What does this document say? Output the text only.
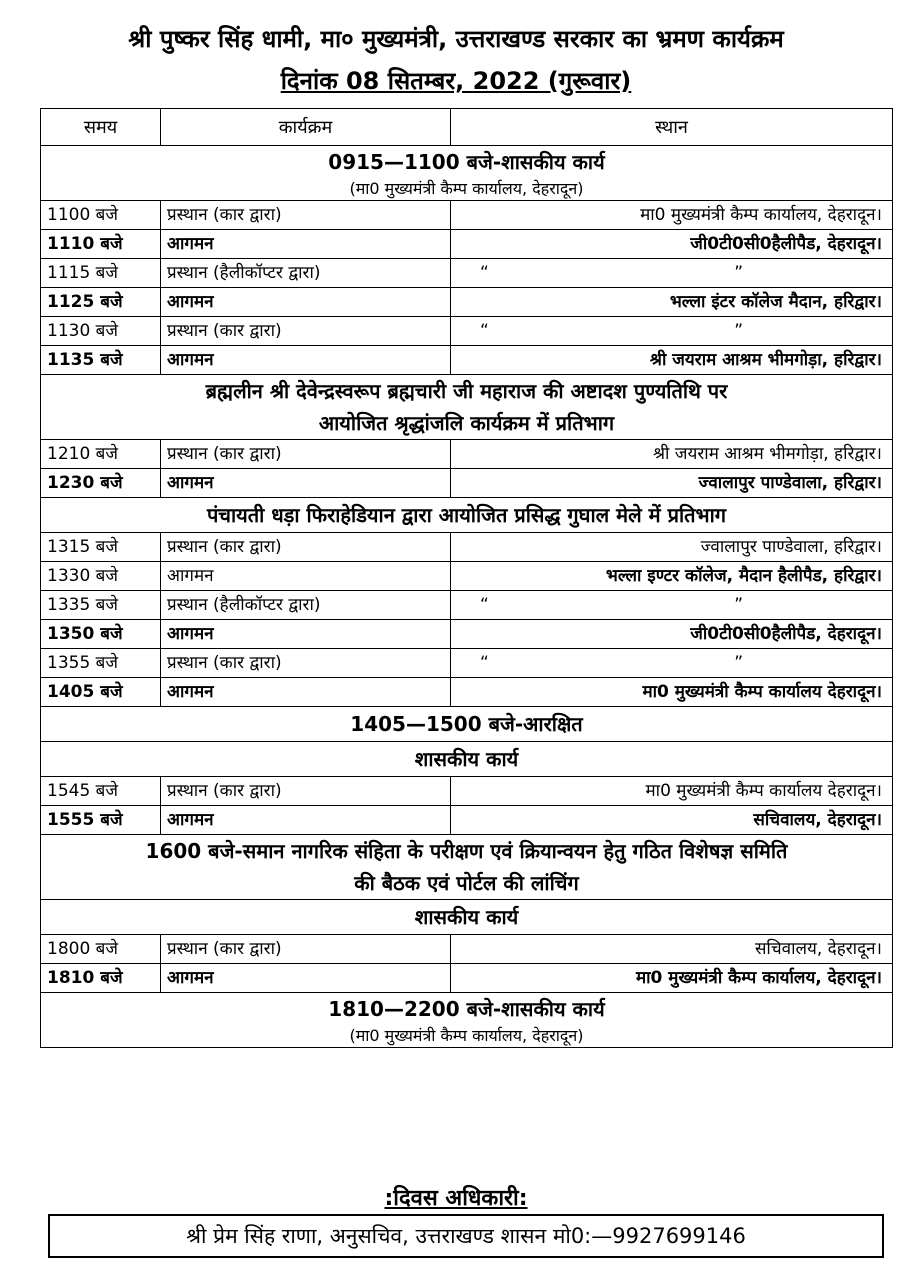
श्री पुष्कर सिंह धामी, मा० मुख्यमंत्री, उत्तराखण्ड सरकार का भ्रमण कार्यक्रम
दिनांक 08 सितम्बर, 2022 (गुरूवार)
समय	कार्यक्रम	स्थान
0915—1100 बजे-शासकीय कार्य
(मा0 मुख्यमंत्री कैम्प कार्यालय, देहरादून)		

1100 बजे	प्रस्थान (कार द्वारा)	मा0 मुख्यमंत्री कैम्प कार्यालय, देहरादून।
1110 बजे	आगमन	जी0टी0सी0हैलीपैड, देहरादून।
1115 बजे	प्रस्थान (हैलीकॉप्टर द्वारा)	“ ”
1125 बजे	आगमन	भल्ला इंटर कॉलेज मैदान, हरिद्वार।
1130 बजे	प्रस्थान (कार द्वारा)	“ ”
1135 बजे	आगमन	श्री जयराम आश्रम भीमगोड़ा, हरिद्वार।
ब्रह्मलीन श्री देवेन्द्रस्वरूप ब्रह्मचारी जी महाराज की अष्टादश पुण्यतिथि पर
आयोजित श्रृद्धांजलि कार्यक्रम में प्रतिभाग		

1210 बजे	प्रस्थान (कार द्वारा)	श्री जयराम आश्रम भीमगोड़ा, हरिद्वार।
1230 बजे	आगमन	ज्वालापुर पाण्डेवाला, हरिद्वार।
पंचायती धड़ा फिराहेडियान द्वारा आयोजित प्रसिद्ध गुघाल मेले में प्रतिभाग		
1315 बजे	प्रस्थान (कार द्वारा)	ज्वालापुर पाण्डेवाला, हरिद्वार।
1330 बजे	आगमन	भल्ला इण्टर कॉलेज, मैदान हैलीपैड, हरिद्वार।
1335 बजे	प्रस्थान (हैलीकॉप्टर द्वारा)	“ ”
1350 बजे	आगमन	जी0टी0सी0हैलीपैड, देहरादून।
1355 बजे	प्रस्थान (कार द्वारा)	“ ”
1405 बजे	आगमन	मा0 मुख्यमंत्री कैम्प कार्यालय देहरादून।
1405—1500 बजे-आरक्षित		
शासकीय कार्य		
1545 बजे	प्रस्थान (कार द्वारा)	मा0 मुख्यमंत्री कैम्प कार्यालय देहरादून।
1555 बजे	आगमन	सचिवालय, देहरादून।
1600 बजे-समान नागरिक संहिता के परीक्षण एवं क्रियान्वयन हेतु गठित विशेषज्ञ समिति
की बैठक एवं पोर्टल की लांचिंग		

शासकीय कार्य		
1800 बजे	प्रस्थान (कार द्वारा)	सचिवालय, देहरादून।
1810 बजे	आगमन	मा0 मुख्यमंत्री कैम्प कार्यालय, देहरादून।
1810—2200 बजे-शासकीय कार्य
(मा0 मुख्यमंत्री कैम्प कार्यालय, देहरादून)		
:दिवस अधिकारी:
श्री प्रेम सिंह राणा, अनुसचिव, उत्तराखण्ड शासन मो0:—9927699146
